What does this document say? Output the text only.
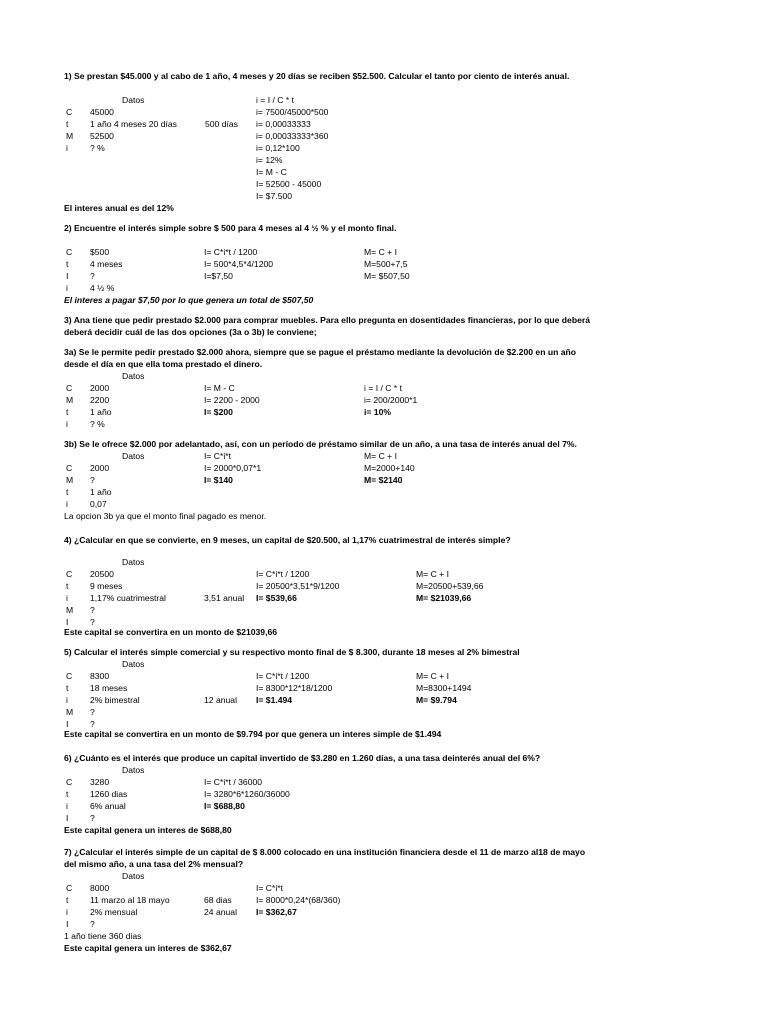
1) Se prestan $45.000 y al cabo de 1 año, 4 meses y 20 días se reciben $52.500. Calcular el tanto por ciento de interés anual.
Datos	i = I / C * t
C 45000	i= 7500/45000*500
t	1 año 4 meses 20 días	500 días i= 0,00033333
M 52500	i= 0,00033333*360
i	? %	i= 0,12*100
i= 12%
I= M - C
I= 52500 - 45000
I= $7.500
El interes anual es del 12%
2) Encuentre el interés simple sobre $ 500 para 4 meses al 4 ½ % y el monto final.
C $500	I= C*i*t / 1200	M= C + I
t	4 meses	I= 500*4,5*4/1200	M=500+7,5
I	?	I=$7,50	M= $507,50
i	4 ½ %
El interes a pagar $7,50 por lo que genera un total de $507,50
3) Ana tiene que pedir prestado $2.000 para comprar muebles. Para ello pregunta en dosentidades financieras, por lo que deberá
deberá decidir cuál de las dos opciones (3a o 3b) le conviene;
3a) Se le permite pedir prestado $2.000 ahora, siempre que se pague el préstamo mediante la devolución de $2.200 en un año
desde el día en que ella toma prestado el dinero.
Datos
C 2000	I= M - C	i = I / C * t
M 2200	I= 2200 - 2000	i= 200/2000*1
t	1 año	I= $200	i= 10%
i	? %
3b) Se le ofrece $2.000 por adelantado, así, con un período de préstamo similar de un año, a una tasa de interés anual del 7%.
Datos	I= C*i*t	M= C + I
C 2000	I= 2000*0,07*1	M=2000+140
M ?	I= $140	M= $2140
t	1 año
i	0,07
La opcion 3b ya que el monto final pagado es menor.
4) ¿Calcular en que se convierte, en 9 meses, un capital de $20.500, al 1,17% cuatrimestral de interés simple?
Datos
C 20500	I= C*i*t / 1200	M= C + I
t	9 meses	I= 20500*3,51*9/1200	M=20500+539,66
i	1,17% cuatrimestral	3,51 anual I= $539,66	M= $21039,66
M ?
I	?
Este capital se convertira en un monto de $21039,66
5) Calcular el interés simple comercial y su respectivo monto final de $ 8.300, durante 18 meses al 2% bimestral
Datos
C 8300	I= C*i*t / 1200	M= C + I
t	18 meses	I= 8300*12*18/1200	M=8300+1494
i	2% bimestral	12 anual I= $1.494	M= $9.794
M ?
I	?
Este capital se convertira en un monto de $9.794 por que genera un interes simple de $1.494
6) ¿Cuánto es el interés que produce un capital invertido de $3.280 en 1.260 días, a una tasa deinterés anual del 6%?
Datos
C 3280	I= C*i*t / 36000
t	1260 dias	I= 3280*6*1260/36000
i	6% anual	I= $688,80
I	?
Este capital genera un interes de $688,80
7) ¿Calcular el interés simple de un capital de $ 8.000 colocado en una institución financiera desde el 11 de marzo al18 de mayo
del mismo año, a una tasa del 2% mensual?
Datos
C 8000	I= C*i*t
t	11 marzo al 18 mayo	68 dias	I= 8000*0,24*(68/360)
i	2% mensual	24 anual I= $362,67
I	?
1 año tiene 360 dias
Este capital genera un interes de $362,67
